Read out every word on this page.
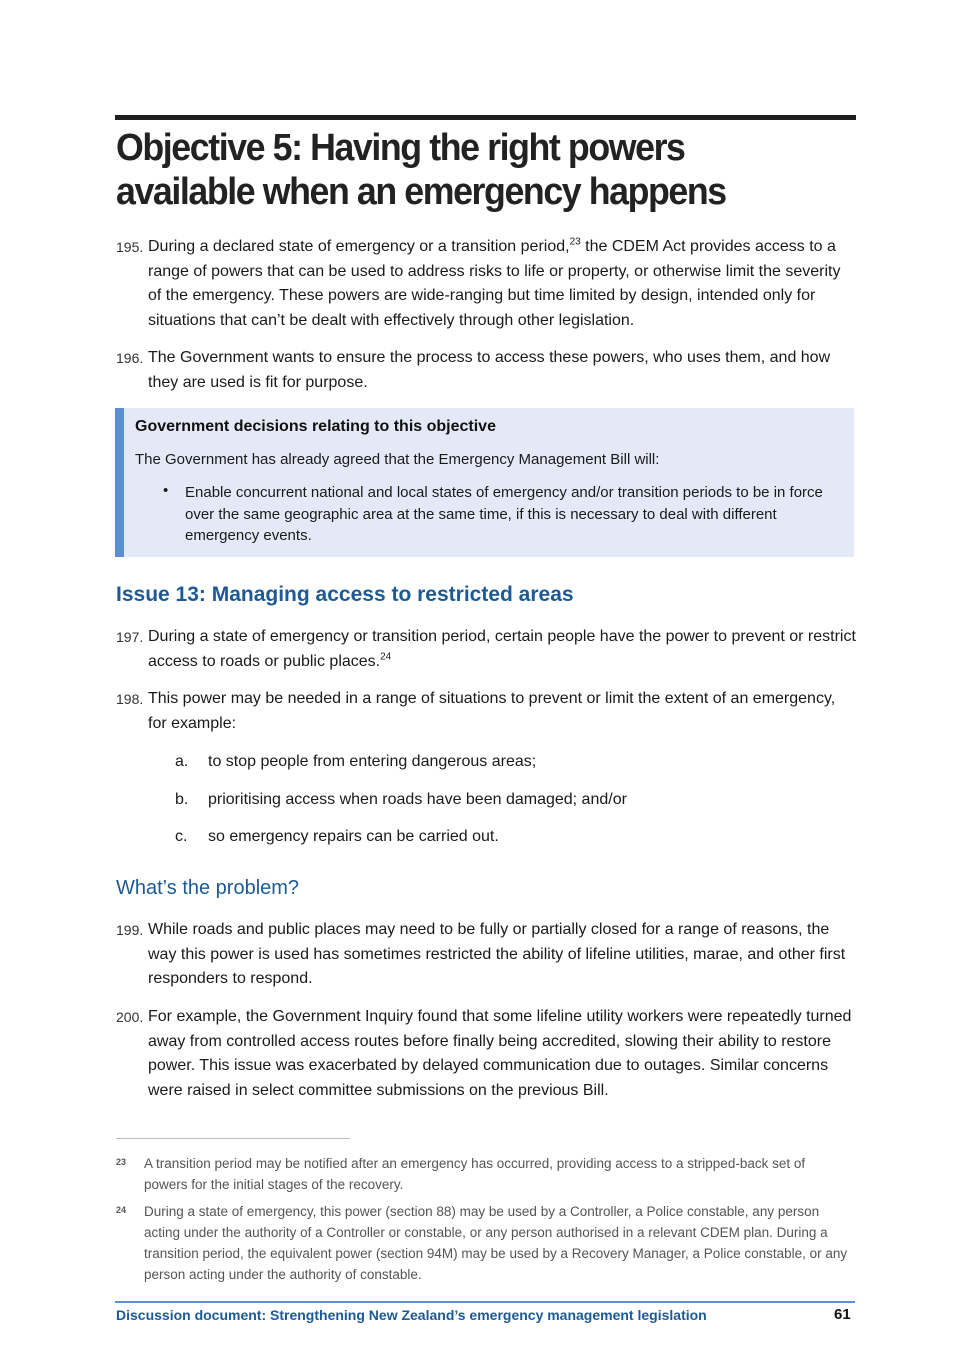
Objective 5: Having the right powers available when an emergency happens
195. During a declared state of emergency or a transition period,$^{23}$ the CDEM Act provides access to a range of powers that can be used to address risks to life or property, or otherwise limit the severity of the emergency. These powers are wide-ranging but time limited by design, intended only for situations that can’t be dealt with effectively through other legislation.
196. The Government wants to ensure the process to access these powers, who uses them, and how they are used is fit for purpose.
Government decisions relating to this objective
The Government has already agreed that the Emergency Management Bill will:
• Enable concurrent national and local states of emergency and/or transition periods to be in force over the same geographic area at the same time, if this is necessary to deal with different emergency events.
Issue 13: Managing access to restricted areas
197. During a state of emergency or transition period, certain people have the power to prevent or restrict access to roads or public places.$^{24}$
198. This power may be needed in a range of situations to prevent or limit the extent of an emergency, for example:
a. to stop people from entering dangerous areas;
b. prioritising access when roads have been damaged; and/or
c. so emergency repairs can be carried out.
What’s the problem?
199. While roads and public places may need to be fully or partially closed for a range of reasons, the way this power is used has sometimes restricted the ability of lifeline utilities, marae, and other first responders to respond.
200. For example, the Government Inquiry found that some lifeline utility workers were repeatedly turned away from controlled access routes before finally being accredited, slowing their ability to restore power. This issue was exacerbated by delayed communication due to outages. Similar concerns were raised in select committee submissions on the previous Bill.
23 A transition period may be notified after an emergency has occurred, providing access to a stripped-back set of powers for the initial stages of the recovery.
24 During a state of emergency, this power (section 88) may be used by a Controller, a Police constable, any person acting under the authority of a Controller or constable, or any person authorised in a relevant CDEM plan. During a transition period, the equivalent power (section 94M) may be used by a Recovery Manager, a Police constable, or any person acting under the authority of constable.
Discussion document: Strengthening New Zealand’s emergency management legislation	61
